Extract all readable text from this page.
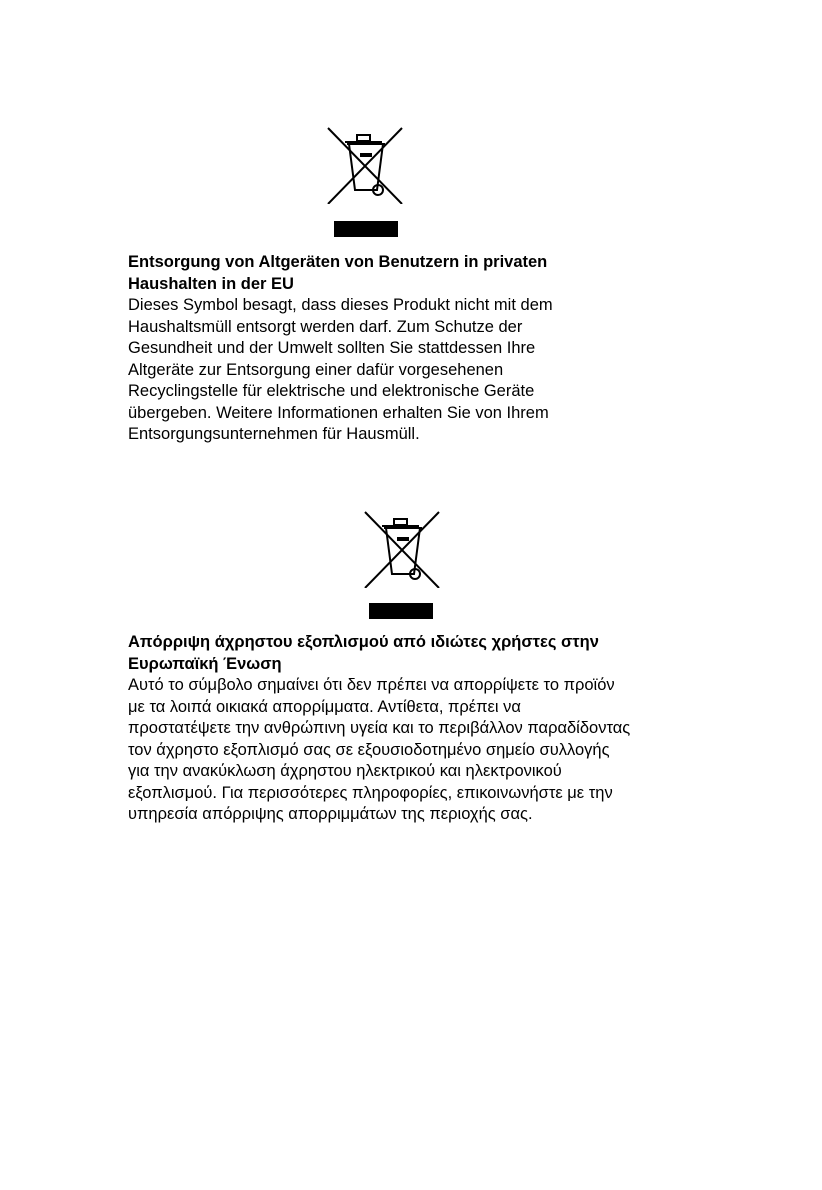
Entsorgung von Altgeräten von Benutzern in privaten
Haushalten in der EU

Dieses Symbol besagt, dass dieses Produkt nicht mit dem
Haushaltsmüll entsorgt werden darf. Zum Schutze der
Gesundheit und der Umwelt sollten Sie stattdessen Ihre
Altgeräte zur Entsorgung einer dafür vorgesehenen
Recyclingstelle für elektrische und elektronische Geräte
übergeben. Weitere Informationen erhalten Sie von Ihrem
Entsorgungsunternehmen für Hausmüll.

Απόρριψη άχρηστου εξοπλισμού από ιδιώτες χρήστες στην
Ευρωπαϊκή Ένωση

Αυτό το σύμβολο σημαίνει ότι δεν πρέπει να απορρίψετε το προϊόν
με τα λοιπά οικιακά απορρίμματα. Αντίθετα, πρέπει να
προστατέψετε την ανθρώπινη υγεία και το περιβάλλον παραδίδοντας
τον άχρηστο εξοπλισμό σας σε εξουσιοδοτημένο σημείο συλλογής
για την ανακύκλωση άχρηστου ηλεκτρικού και ηλεκτρονικού
εξοπλισμού. Για περισσότερες πληροφορίες, επικοινωνήστε με την
υπηρεσία απόρριψης απορριμμάτων της περιοχής σας.
